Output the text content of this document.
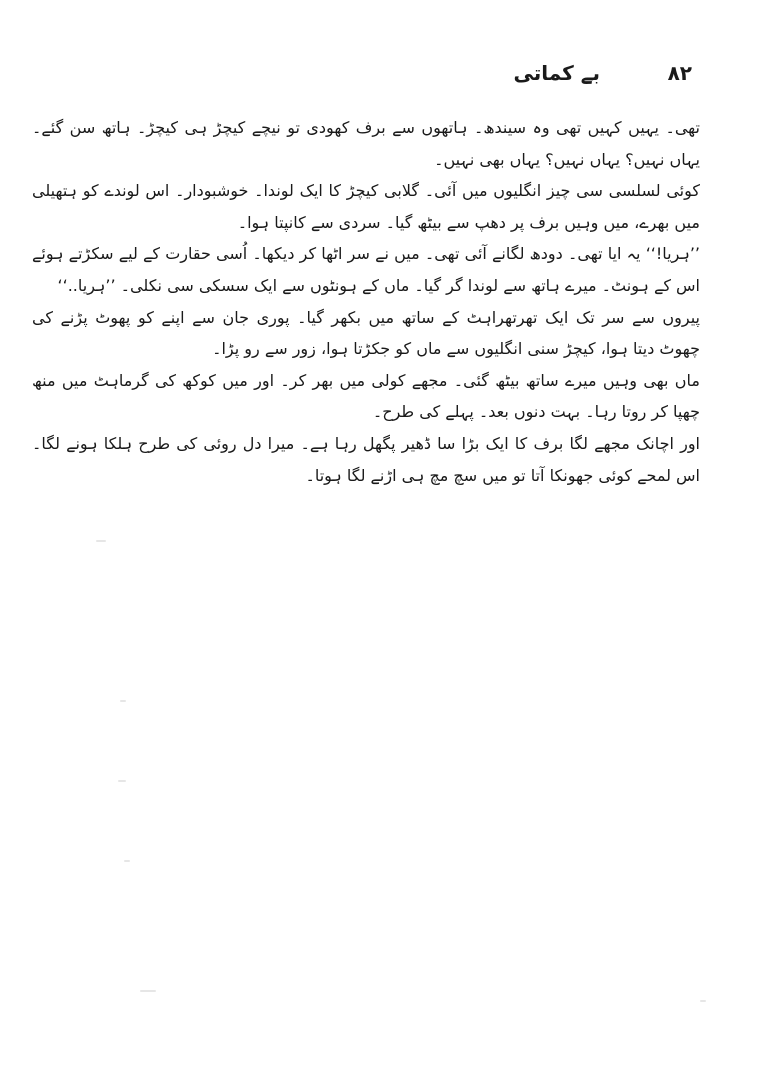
۸۲
بے کماتی

تھی۔ یہیں کہیں تھی وہ سیندھ۔ ہاتھوں سے برف کھودی تو نیچے کیچڑ ہی کیچڑ۔ ہاتھ سن گئے۔ یہاں نہیں؟ یہاں نہیں؟ یہاں بھی نہیں۔

کوئی لسلسی سی چیز انگلیوں میں آئی۔ گلابی کیچڑ کا ایک لوندا۔ خوشبودار۔ اس لوندے کو ہتھیلی میں بھرے، میں وہیں برف پر دھپ سے بیٹھ گیا۔ سردی سے کانپتا ہوا۔

’’ہریا!‘‘ یہ ایا تھی۔ دودھ لگانے آئی تھی۔ میں نے سر اٹھا کر دیکھا۔ اُسی حقارت کے لیے سکڑتے ہوئے اس کے ہونٹ۔ میرے ہاتھ سے لوندا گر گیا۔ ماں کے ہونٹوں سے ایک سسکی سی نکلی۔ ’’ہریا..‘‘

پیروں سے سر تک ایک تھرتھراہٹ کے ساتھ میں بکھر گیا۔ پوری جان سے اپنے کو پھوٹ پڑنے کی چھوٹ دیتا ہوا، کیچڑ سنی انگلیوں سے ماں کو جکڑتا ہوا، زور سے رو پڑا۔

ماں بھی وہیں میرے ساتھ بیٹھ گئی۔ مجھے کولی میں بھر کر۔ اور میں کوکھ کی گرماہٹ میں منھ چھپا کر روتا رہا۔ بہت دنوں بعد۔ پہلے کی طرح۔

اور اچانک مجھے لگا برف کا ایک بڑا سا ڈھیر پگھل رہا ہے۔ میرا دل روئی کی طرح ہلکا ہونے لگا۔ اس لمحے کوئی جھونکا آتا تو میں سچ مچ ہی اڑنے لگا ہوتا۔
